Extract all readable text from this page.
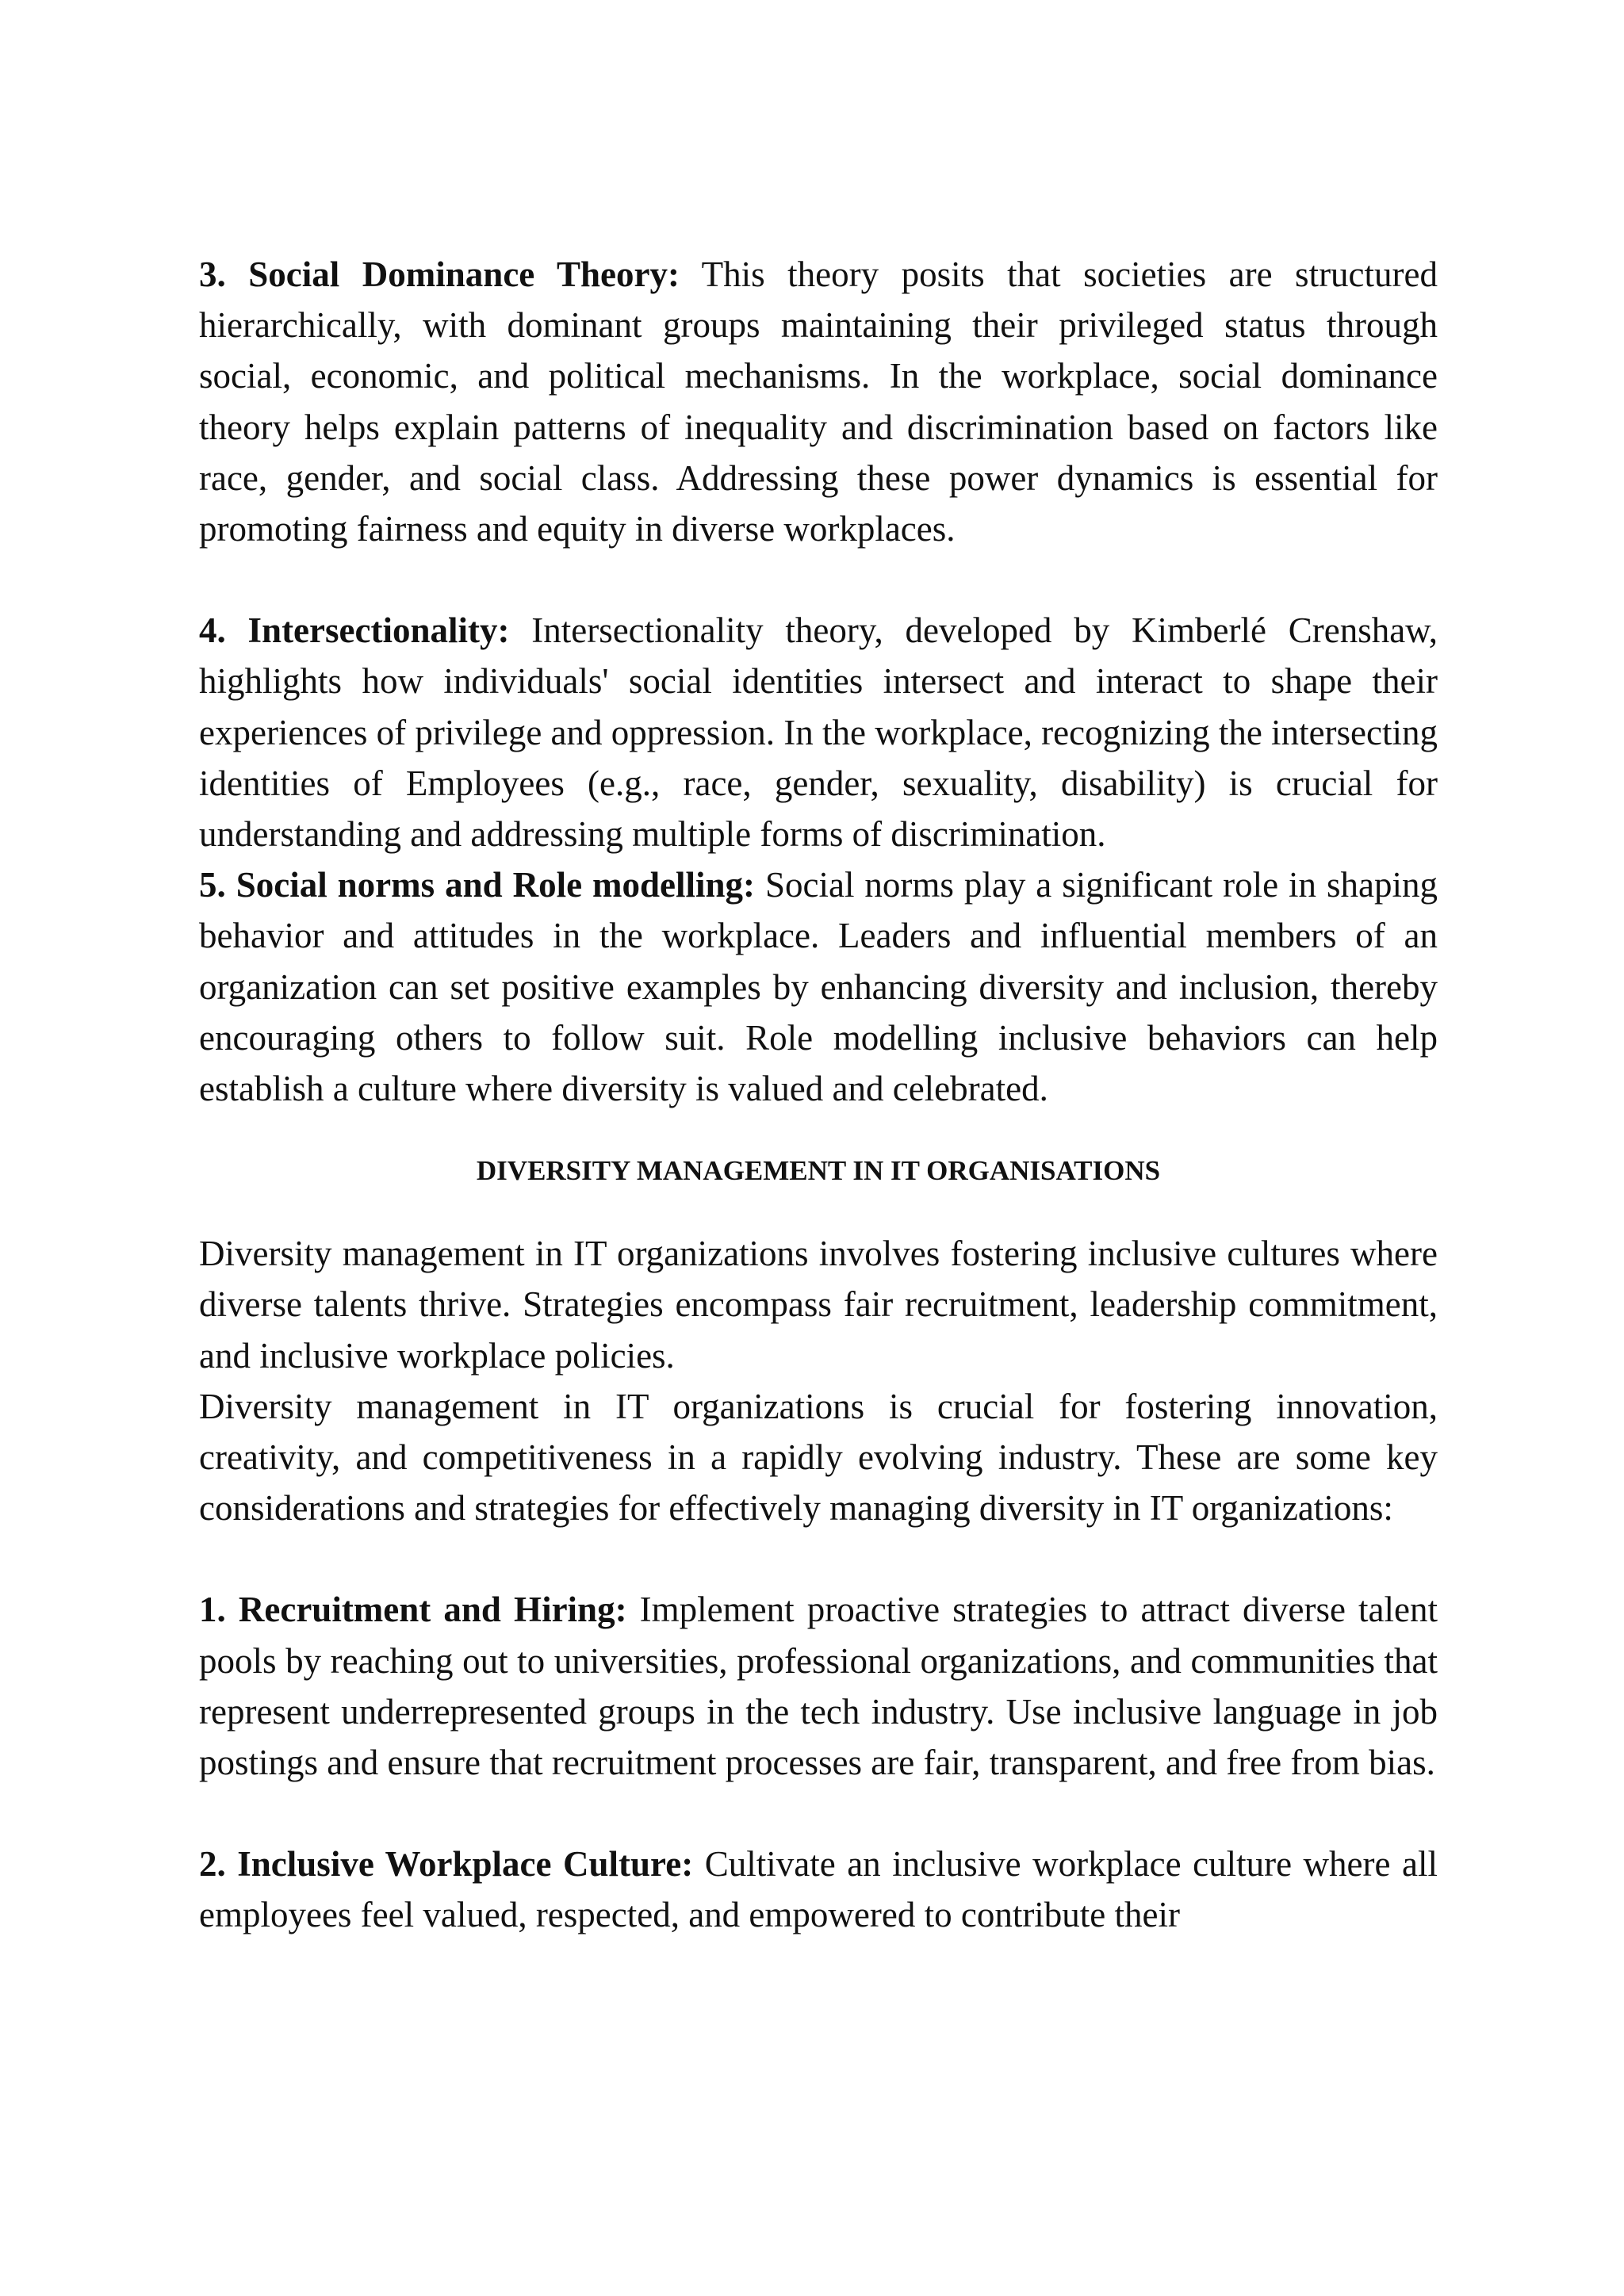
3. Social Dominance Theory: This theory posits that societies are structured hierarchically, with dominant groups maintaining their privileged status through social, economic, and political mechanisms. In the workplace, social dominance theory helps explain patterns of inequality and discrimination based on factors like race, gender, and social class. Addressing these power dynamics is essential for promoting fairness and equity in diverse workplaces.

4. Intersectionality: Intersectionality theory, developed by Kimberlé Crenshaw, highlights how individuals' social identities intersect and interact to shape their experiences of privilege and oppression. In the workplace, recognizing the intersecting identities of Employees (e.g., race, gender, sexuality, disability) is crucial for understanding and addressing multiple forms of discrimination.

5. Social norms and Role modelling: Social norms play a significant role in shaping behavior and attitudes in the workplace. Leaders and influential members of an organization can set positive examples by enhancing diversity and inclusion, thereby encouraging others to follow suit. Role modelling inclusive behaviors can help establish a culture where diversity is valued and celebrated.

DIVERSITY MANAGEMENT IN IT ORGANISATIONS

Diversity management in IT organizations involves fostering inclusive cultures where diverse talents thrive. Strategies encompass fair recruitment, leadership commitment, and inclusive workplace policies.

Diversity management in IT organizations is crucial for fostering innovation, creativity, and competitiveness in a rapidly evolving industry. These are some key considerations and strategies for effectively managing diversity in IT organizations:

1. Recruitment and Hiring: Implement proactive strategies to attract diverse talent pools by reaching out to universities, professional organizations, and communities that represent underrepresented groups in the tech industry. Use inclusive language in job postings and ensure that recruitment processes are fair, transparent, and free from bias.

2. Inclusive Workplace Culture: Cultivate an inclusive workplace culture where all employees feel valued, respected, and empowered to contribute their
